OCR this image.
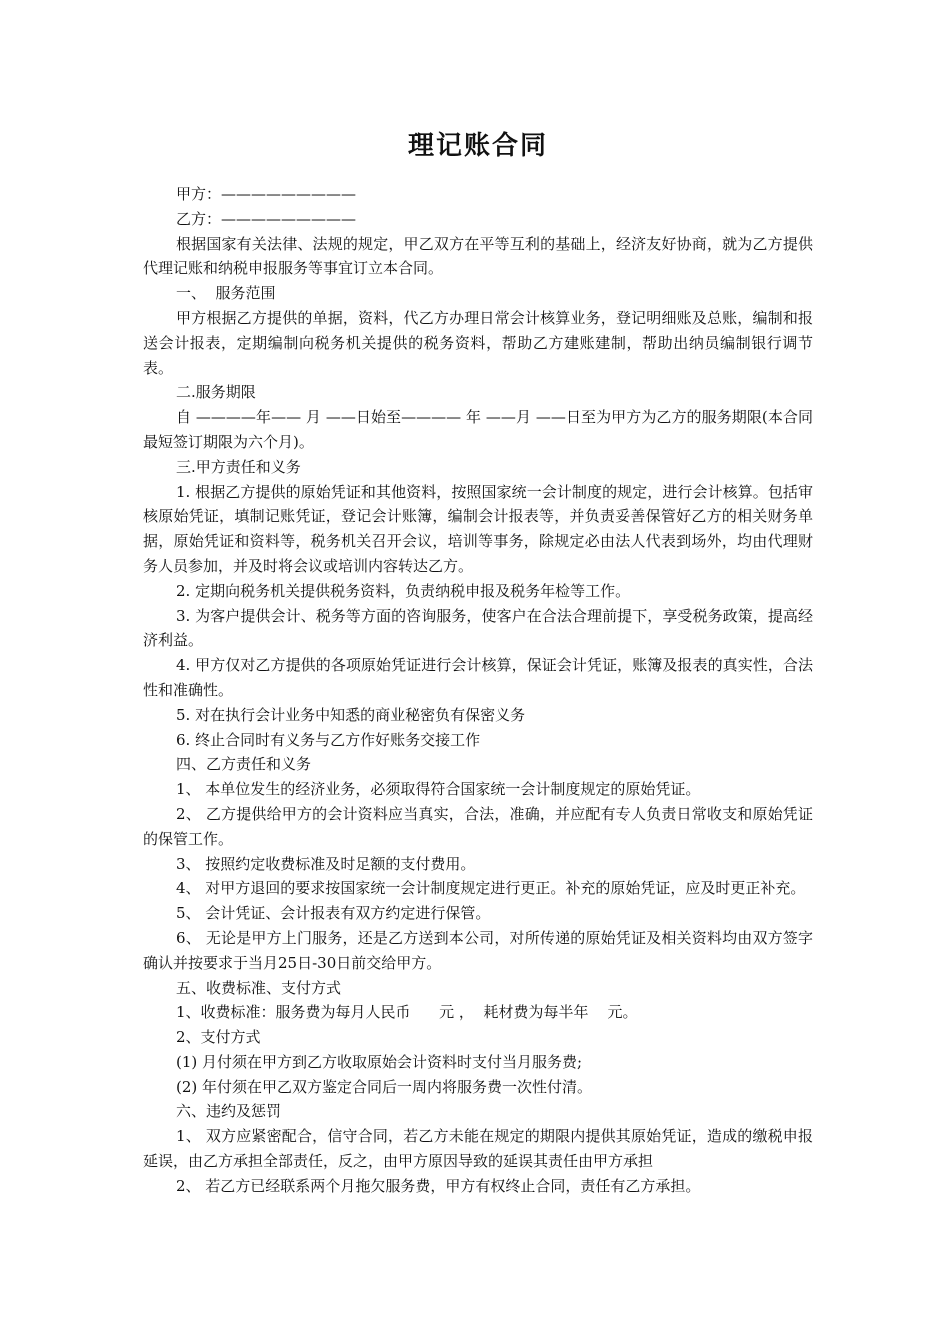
理记账合同

甲方：—————————

乙方：—————————

根据国家有关法律、法规的规定，甲乙双方在平等互利的基础上，经济友好协商，就为乙方提供代理记账和纳税申报服务等事宜订立本合同。

一、  服务范围

甲方根据乙方提供的单据，资料，代乙方办理日常会计核算业务，登记明细账及总账，编制和报送会计报表，定期编制向税务机关提供的税务资料，帮助乙方建账建制，帮助出纳员编制银行调节表。

二.服务期限

自 ————年—— 月 ——日始至———— 年 ——月 ——日至为甲方为乙方的服务期限(本合同最短签订期限为六个月)。

三.甲方责任和义务

1. 根据乙方提供的原始凭证和其他资料，按照国家统一会计制度的规定，进行会计核算。包括审核原始凭证，填制记账凭证，登记会计账簿，编制会计报表等，并负责妥善保管好乙方的相关财务单据，原始凭证和资料等，税务机关召开会议，培训等事务，除规定必由法人代表到场外，均由代理财务人员参加，并及时将会议或培训内容转达乙方。

2. 定期向税务机关提供税务资料，负责纳税申报及税务年检等工作。

3. 为客户提供会计、税务等方面的咨询服务，使客户在合法合理前提下，享受税务政策，提高经济利益。

4. 甲方仅对乙方提供的各项原始凭证进行会计核算，保证会计凭证，账簿及报表的真实性，合法性和准确性。

5. 对在执行会计业务中知悉的商业秘密负有保密义务

6. 终止合同时有义务与乙方作好账务交接工作

四、乙方责任和义务

1、 本单位发生的经济业务，必须取得符合国家统一会计制度规定的原始凭证。

2、 乙方提供给甲方的会计资料应当真实，合法，准确，并应配有专人负责日常收支和原始凭证的保管工作。

3、 按照约定收费标准及时足额的支付费用。

4、 对甲方退回的要求按国家统一会计制度规定进行更正。补充的原始凭证，应及时更正补充。

5、 会计凭证、会计报表有双方约定进行保管。

6、 无论是甲方上门服务，还是乙方送到本公司，对所传递的原始凭证及相关资料均由双方签字确认并按要求于当月25日-30日前交给甲方。

五、收费标准、支付方式

1、收费标准：服务费为每月人民币      元 ，  耗材费为每半年    元。

2、支付方式

(1) 月付须在甲方到乙方收取原始会计资料时支付当月服务费;

(2) 年付须在甲乙双方鉴定合同后一周内将服务费一次性付清。

六、违约及惩罚

1、 双方应紧密配合，信守合同，若乙方未能在规定的期限内提供其原始凭证，造成的缴税申报延误，由乙方承担全部责任，反之，由甲方原因导致的延误其责任由甲方承担

2、 若乙方已经联系两个月拖欠服务费，甲方有权终止合同，责任有乙方承担。
